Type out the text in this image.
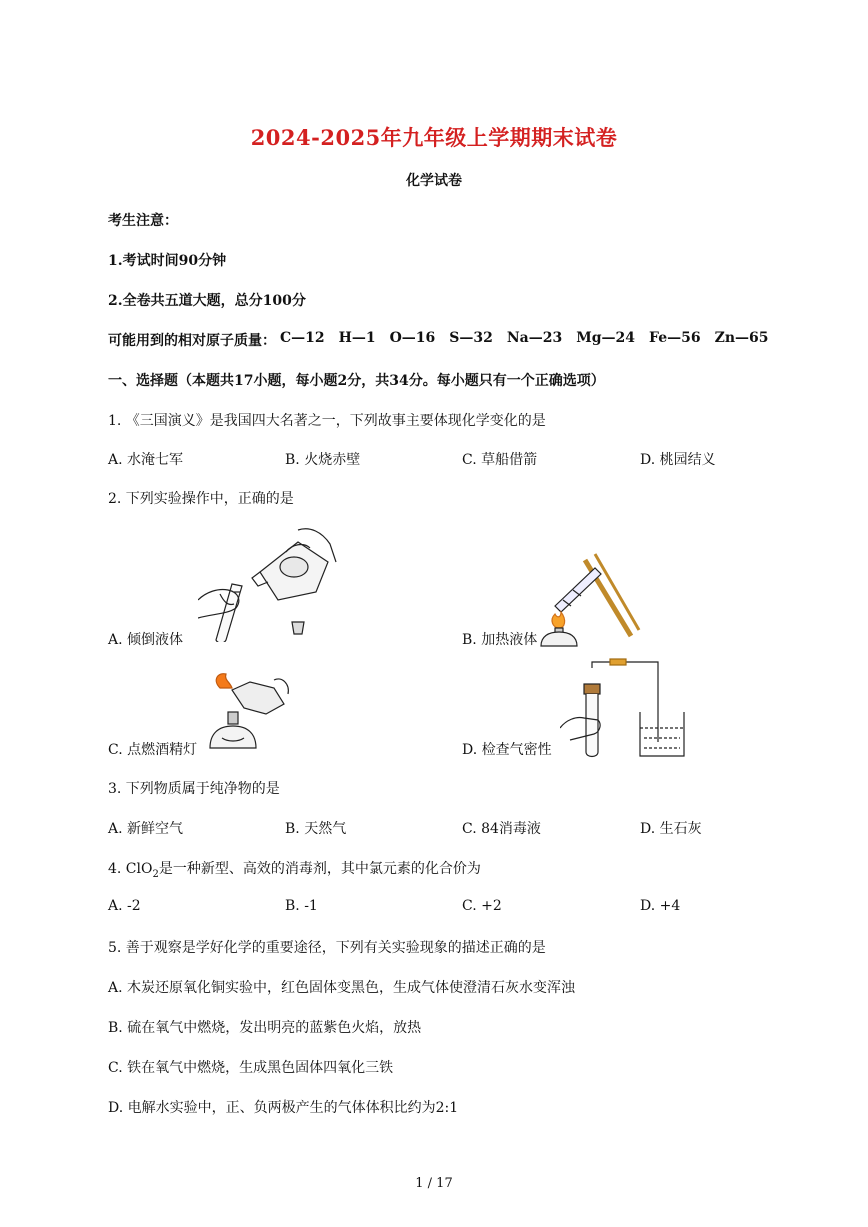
2024-2025年九年级上学期期末试卷
化学试卷
考生注意：
1.考试时间90分钟
2.全卷共五道大题，总分100分
可能用到的相对原子质量： C—12 H—1 O—16 S—32 Na—23 Mg—24 Fe—56 Zn—65
一、选择题（本题共17小题，每小题2分，共34分。每小题只有一个正确选项）
1. 《三国演义》是我国四大名著之一，下列故事主要体现化学变化的是
A. 水淹七军	B. 火烧赤壁	C. 草船借箭	D. 桃园结义
2. 下列实验操作中，正确的是
A. 倾倒液体	B. 加热液体
C. 点燃酒精灯	D. 检查气密性
3. 下列物质属于纯净物的是
A. 新鲜空气	B. 天然气	C. 84消毒液	D. 生石灰
4. ClO$_2$是一种新型、高效的消毒剂，其中氯元素的化合价为
A. -2	B. -1	C. +2	D. +4
5. 善于观察是学好化学的重要途径，下列有关实验现象的描述正确的是
A. 木炭还原氧化铜实验中，红色固体变黑色，生成气体使澄清石灰水变浑浊
B. 硫在氧气中燃烧，发出明亮的蓝紫色火焰，放热
C. 铁在氧气中燃烧，生成黑色固体四氧化三铁
D. 电解水实验中，正、负两极产生的气体体积比约为2:1
1 / 17
